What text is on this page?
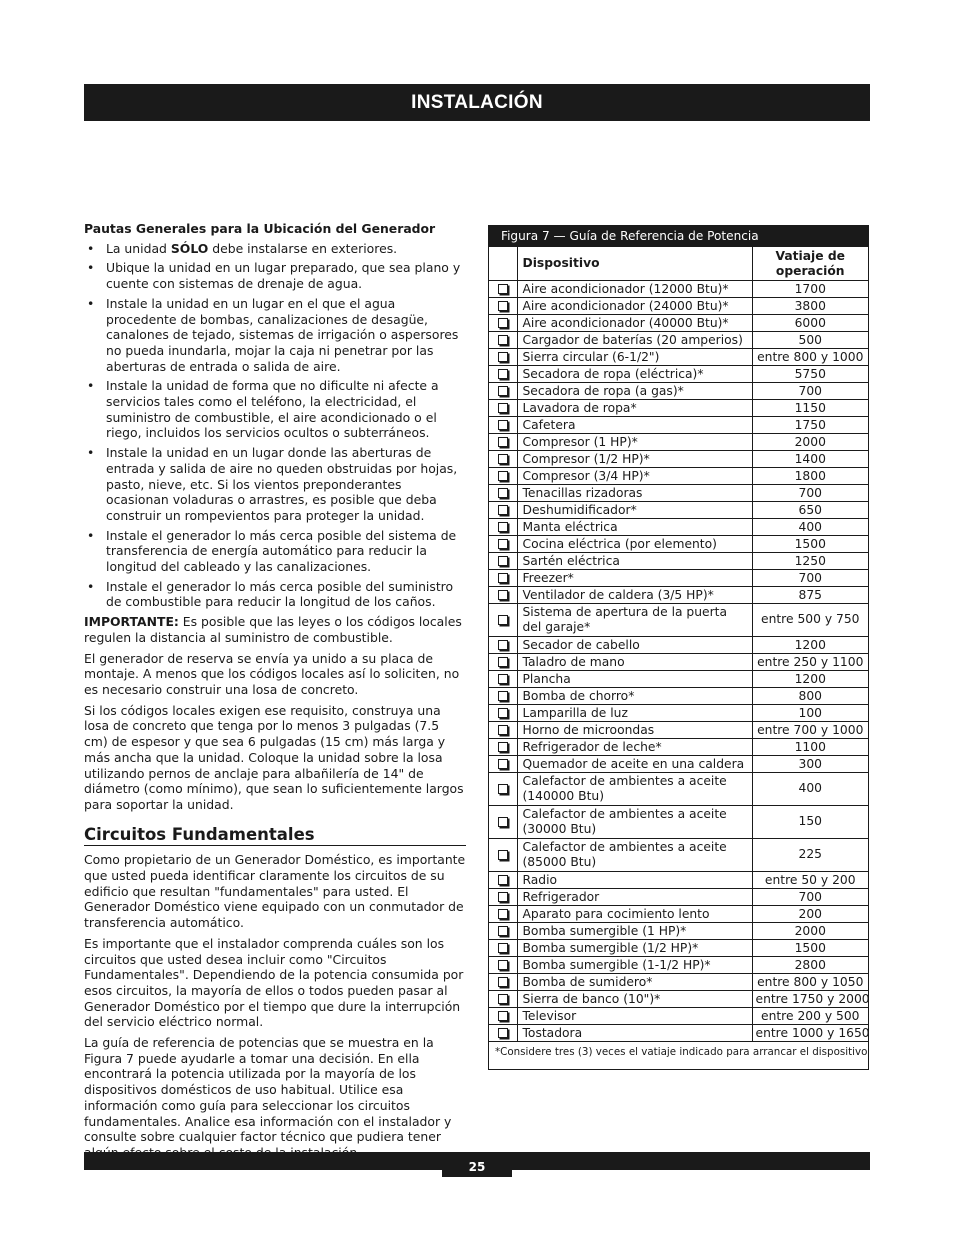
INSTALACIÓN
Pautas Generales para la Ubicación del Generador
• La unidad SÓLO debe instalarse en exteriores.
• Ubique la unidad en un lugar preparado, que sea plano y cuente con sistemas de drenaje de agua.
• Instale la unidad en un lugar en el que el agua procedente de bombas, canalizaciones de desagüe, canalones de tejado, sistemas de irrigación o aspersores no pueda inundarla, mojar la caja ni penetrar por las aberturas de entrada o salida de aire.
• Instale la unidad de forma que no dificulte ni afecte a servicios tales como el teléfono, la electricidad, el suministro de combustible, el aire acondicionado o el riego, incluidos los servicios ocultos o subterráneos.
• Instale la unidad en un lugar donde las aberturas de entrada y salida de aire no queden obstruidas por hojas, pasto, nieve, etc. Si los vientos preponderantes ocasionan voladuras o arrastres, es posible que deba construir un rompevientos para proteger la unidad.
• Instale el generador lo más cerca posible del sistema de transferencia de energía automático para reducir la longitud del cableado y las canalizaciones.
• Instale el generador lo más cerca posible del suministro de combustible para reducir la longitud de los caños.

IMPORTANTE: Es posible que las leyes o los códigos locales regulen la distancia al suministro de combustible.

El generador de reserva se envía ya unido a su placa de montaje. A menos que los códigos locales así lo soliciten, no es necesario construir una losa de concreto.

Si los códigos locales exigen ese requisito, construya una losa de concreto que tenga por lo menos 3 pulgadas (7.5 cm) de espesor y que sea 6 pulgadas (15 cm) más larga y más ancha que la unidad. Coloque la unidad sobre la losa utilizando pernos de anclaje para albañilería de 14" de diámetro (como mínimo), que sean lo suficientemente largos para soportar la unidad.

Circuitos Fundamentales

Como propietario de un Generador Doméstico, es importante que usted pueda identificar claramente los circuitos de su edificio que resultan "fundamentales" para usted. El Generador Doméstico viene equipado con un conmutador de transferencia automático.

Es importante que el instalador comprenda cuáles son los circuitos que usted desea incluir como "Circuitos Fundamentales". Dependiendo de la potencia consumida por esos circuitos, la mayoría de ellos o todos pueden pasar al Generador Doméstico por el tiempo que dure la interrupción del servicio eléctrico normal.

La guía de referencia de potencias que se muestra en la Figura 7 puede ayudarle a tomar una decisión. En ella encontrará la potencia utilizada por la mayoría de los dispositivos domésticos de uso habitual. Utilice esa información como guía para seleccionar los circuitos fundamentales. Analice esa información con el instalador y consulte sobre cualquier factor técnico que pudiera tener

Figura 7 — Guía de Referencia de Potencia
	Dispositivo	Vatiaje de operación
	Aire acondicionador (12000 Btu)*	1700
	Aire acondicionador (24000 Btu)*	3800
	Aire acondicionador (40000 Btu)*	6000
	Cargador de baterías (20 amperios)	500
	Sierra circular (6-1/2")	entre 800 y 1000
	Secadora de ropa (eléctrica)*	5750
	Secadora de ropa (a gas)*	700
	Lavadora de ropa*	1150
	Cafetera	1750
	Compresor (1 HP)*	2000
	Compresor (1/2 HP)*	1400
	Compresor (3/4 HP)*	1800
	Tenacillas rizadoras	700
	Deshumidificador*	650
	Manta eléctrica	400
	Cocina eléctrica (por elemento)	1500
	Sartén eléctrica	1250
	Freezer*	700
	Ventilador de caldera (3/5 HP)*	875
	Sistema de apertura de la puerta del garaje*	entre 500 y 750
	Secador de cabello	1200
	Taladro de mano	entre 250 y 1100
	Plancha	1200
	Bomba de chorro*	800
	Lamparilla de luz	100
	Horno de microondas	entre 700 y 1000
	Refrigerador de leche*	1100
	Quemador de aceite en una caldera	300
	Calefactor de ambientes a aceite (140000 Btu)	400
	Calefactor de ambientes a aceite (30000 Btu)	150
	Calefactor de ambientes a aceite (85000 Btu)	225
	Radio	entre 50 y 200
	Refrigerador	700
	Aparato para cocimiento lento	200
	Bomba sumergible (1 HP)*	2000
	Bomba sumergible (1/2 HP)*	1500
	Bomba sumergible (1-1/2 HP)*	2800
	Bomba de sumidero*	entre 800 y 1050
	Sierra de banco (10")*	entre 1750 y 2000
	Televisor	entre 200 y 500
	Tostadora	entre 1000 y 1650
*Considere tres (3) veces el vatiaje indicado para arrancar el dispositivo
25
